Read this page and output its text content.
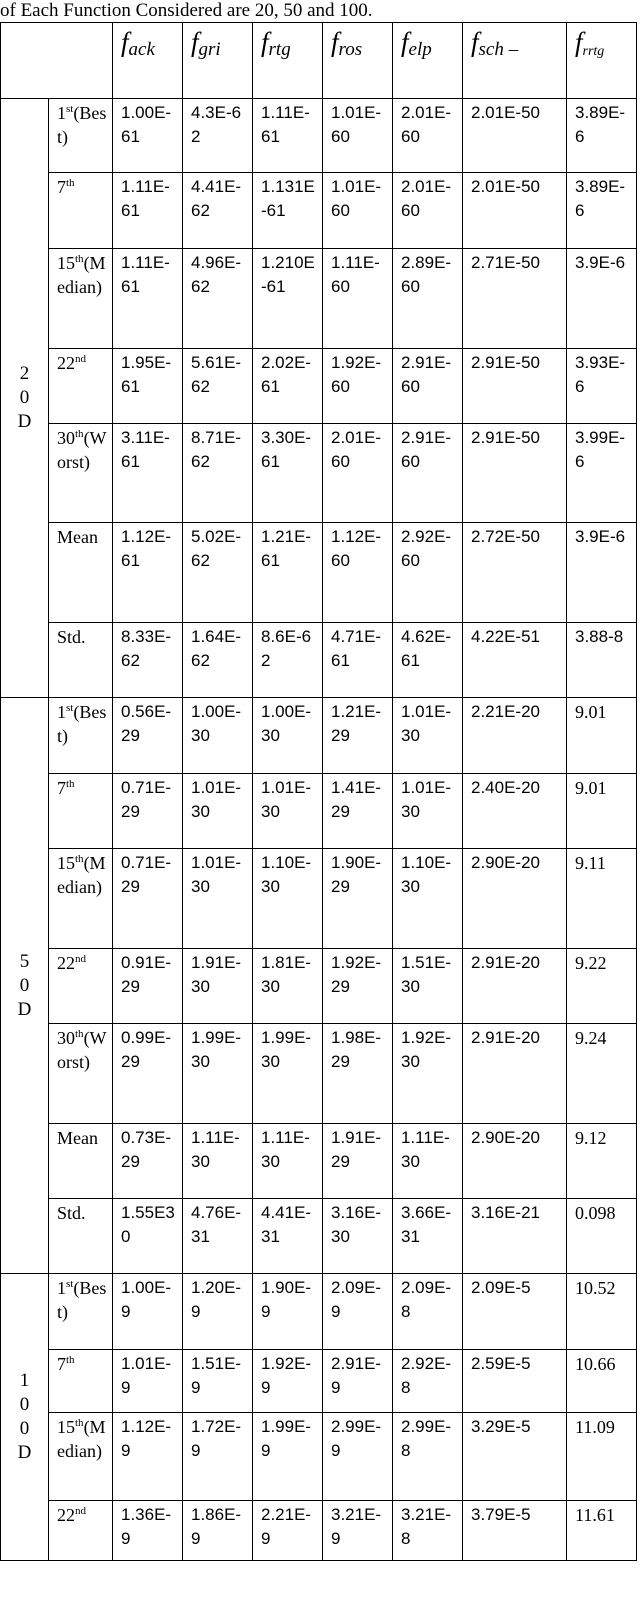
of Each Function Considered are 20, 50 and 100.
		$f_{ack}$	$f_{gri}$	$f_{rtg}$	$f_{ros}$	$f_{elp}$	$f_{sch -}$	$f_{rrtg}$
20D	1st(Best)	1.00E-61	4.3E-62	1.11E-61	1.01E-60	2.01E-60	2.01E-50	3.89E-6
	7th	1.11E-61	4.41E-62	1.131E-61	1.01E-60	2.01E-60	2.01E-50	3.89E-6
	15th(Median)	1.11E-61	4.96E-62	1.210E-61	1.11E-60	2.89E-60	2.71E-50	3.9E-6
	22nd	1.95E-61	5.61E-62	2.02E-61	1.92E-60	2.91E-60	2.91E-50	3.93E-6
	30th(Worst)	3.11E-61	8.71E-62	3.30E-61	2.01E-60	2.91E-60	2.91E-50	3.99E-6
	Mean	1.12E-61	5.02E-62	1.21E-61	1.12E-60	2.92E-60	2.72E-50	3.9E-6
	Std.	8.33E-62	1.64E-62	8.6E-62	4.71E-61	4.62E-61	4.22E-51	3.88-8
50D	1st(Best)	0.56E-29	1.00E-30	1.00E-30	1.21E-29	1.01E-30	2.21E-20	9.01
	7th	0.71E-29	1.01E-30	1.01E-30	1.41E-29	1.01E-30	2.40E-20	9.01
	15th(Median)	0.71E-29	1.01E-30	1.10E-30	1.90E-29	1.10E-30	2.90E-20	9.11
	22nd	0.91E-29	1.91E-30	1.81E-30	1.92E-29	1.51E-30	2.91E-20	9.22
	30th(Worst)	0.99E-29	1.99E-30	1.99E-30	1.98E-29	1.92E-30	2.91E-20	9.24
	Mean	0.73E-29	1.11E-30	1.11E-30	1.91E-29	1.11E-30	2.90E-20	9.12
	Std.	1.55E30	4.76E-31	4.41E-31	3.16E-30	3.66E-31	3.16E-21	0.098
100D	1st(Best)	1.00E-9	1.20E-9	1.90E-9	2.09E-9	2.09E-8	2.09E-5	10.52
	7th	1.01E-9	1.51E-9	1.92E-9	2.91E-9	2.92E-8	2.59E-5	10.66
	15th(Median)	1.12E-9	1.72E-9	1.99E-9	2.99E-9	2.99E-8	3.29E-5	11.09
	22nd	1.36E-9	1.86E-9	2.21E-9	3.21E-9	3.21E-8	3.79E-5	11.61
